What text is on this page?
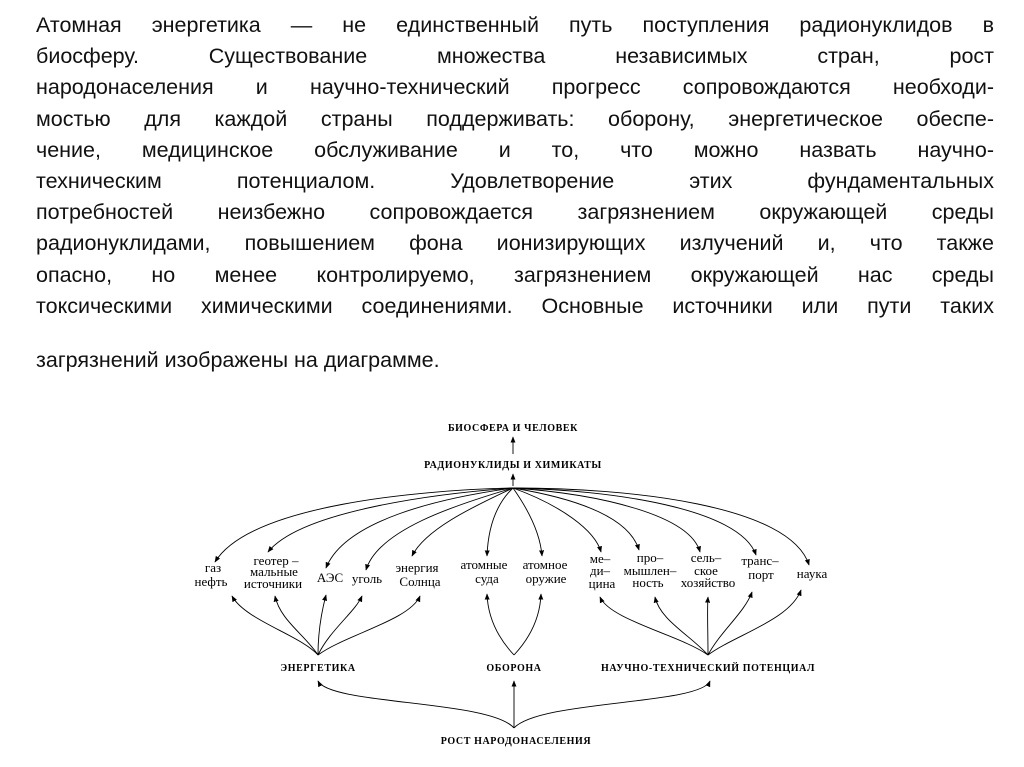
Атомная энергетика — не единственный путь поступления радионуклидов в
биосферу. Существование множества независимых стран, рост
народонаселения и научно-технический прогресс сопровождаются необходи-
мостью для каждой страны поддерживать: оборону, энергетическое обеспе-
чение, медицинское обслуживание и то, что можно назвать научно-
техническим потенциалом. Удовлетворение этих фундаментальных
потребностей неизбежно сопровождается загрязнением окружающей среды
радионуклидами, повышением фона ионизирующих излучений и, что также
опасно, но менее контролируемо, загрязнением окружающей нас среды
токсическими химическими соединениями. Основные источники или пути таких
загрязнений изображены на диаграмме.
БИОСФЕРА И ЧЕЛОВЕК
РАДИОНУКЛИДЫ И ХИМИКАТЫ
газ
нефть
геотер –
мальные
источники АЭС уголь
энергия
Солнца
атомные
суда
атомное
оружие
ме–
ди–
цина
про–
мышлен–
ность
сель–
ское
хозяйство
транс–
порт наука
ЭНЕРГЕТИКА	ОБОРОНА	НАУЧНО-ТЕХНИЧЕСКИЙ ПОТЕНЦИАЛ
РОСТ НАРОДОНАСЕЛЕНИЯ
